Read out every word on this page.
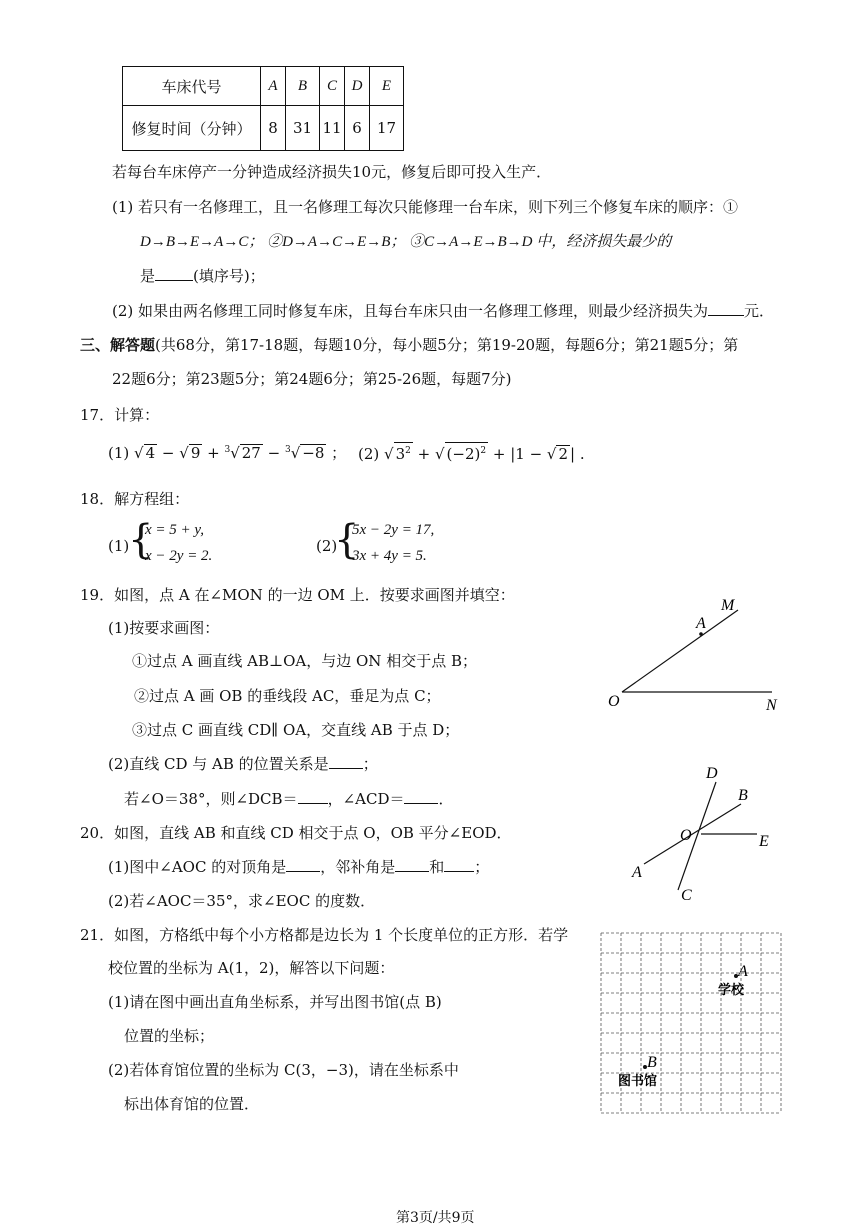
车床代号	A	B	C	D	E
修复时间（分钟）	8	31	11	6	17
若每台车床停产一分钟造成经济损失10元，修复后即可投入生产．
(1) 若只有一名修理工，且一名修理工每次只能修理一台车床，则下列三个修复车床的顺序：①
D→B→E→A→C； ②D→A→C→E→B； ③C→A→E→B→D 中，经济损失最少的
是	(填序号)；
(2) 如果由两名修理工同时修复车床，且每台车床只由一名修理工修理，则最少经济损失为 元．
三、解答题(共68分，第17-18题，每题10分，每小题5分；第19-20题，每题6分；第21题5分；第
22题6分；第23题5分；第24题6分；第25-26题，每题7分)
17．计算：
(1) √ 4 − √ 9 + $^3$√ 27 − $^3$√ −8 ； (2) √ $3^2$ + √ $(-2)^2 + |1$ − √ 2 | .
18．解方程组：
(1)
{
x = 5 + y,
x − 2y = 2.
(2)
{
5x − 2y = 17,
3x + 4y = 5.
19．如图，点 A 在∠MON 的一边 OM 上．按要求画图并填空：
(1)按要求画图：
①过点 A 画直线 AB⊥OA，与边 ON 相交于点 B；
②过点 A 画 OB 的垂线段 AC，垂足为点 C；
③过点 C 画直线 CD∥ OA，交直线 AB 于点 D；
(2)直线 CD 与 AB 的位置关系是 ；
若∠O＝38°，则∠DCB＝ ，∠ACD＝ ．
M
A
O	N
20．如图，直线 AB 和直线 CD 相交于点 O，OB 平分∠EOD．
(1)图中∠AOC 的对顶角是 ，邻补角是 和 ；
(2)若∠AOC＝35°，求∠EOC 的度数．
D
B
O	E
A
C
21．如图，方格纸中每个小方格都是边长为 1 个长度单位的正方形．若学
校位置的坐标为 A(1，2)，解答以下问题：
(1)请在图中画出直角坐标系，并写出图书馆(点 B)
位置的坐标；
(2)若体育馆位置的坐标为 C(3，−3)，请在坐标系中
标出体育馆的位置．
A
学校
B
图书馆
第3页/共9页
